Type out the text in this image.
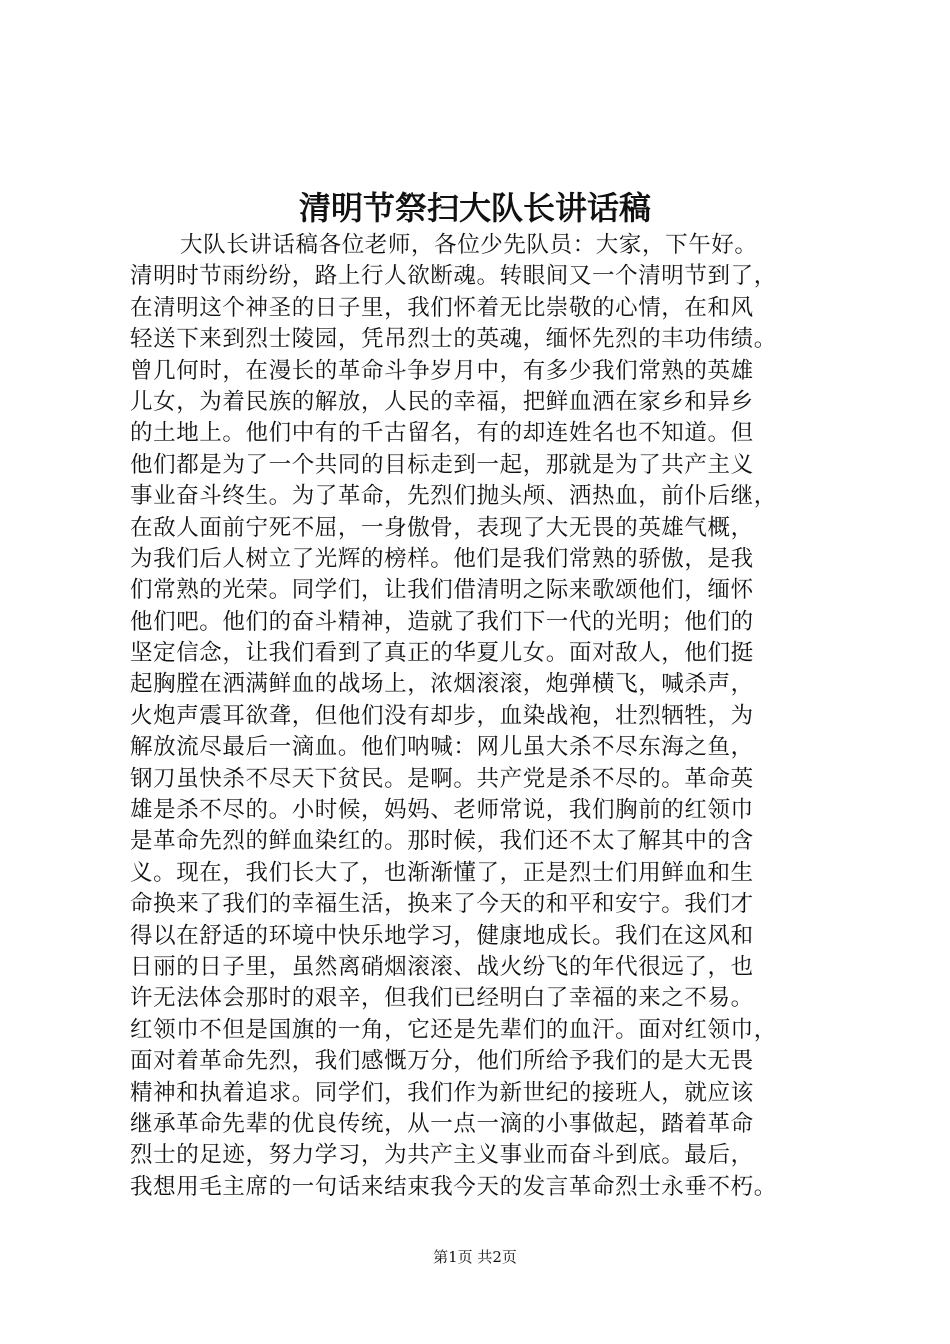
清明节祭扫大队长讲话稿
大队长讲话稿各位老师，各位少先队员：大家，下午好。
清明时节雨纷纷，路上行人欲断魂。转眼间又一个清明节到了，
在清明这个神圣的日子里，我们怀着无比崇敬的心情，在和风
轻送下来到烈士陵园，凭吊烈士的英魂，缅怀先烈的丰功伟绩。
曾几何时，在漫长的革命斗争岁月中，有多少我们常熟的英雄
儿女，为着民族的解放，人民的幸福，把鲜血洒在家乡和异乡
的土地上。他们中有的千古留名，有的却连姓名也不知道。但
他们都是为了一个共同的目标走到一起，那就是为了共产主义
事业奋斗终生。为了革命，先烈们抛头颅、洒热血，前仆后继，
在敌人面前宁死不屈，一身傲骨，表现了大无畏的英雄气概，
为我们后人树立了光辉的榜样。他们是我们常熟的骄傲，是我
们常熟的光荣。同学们，让我们借清明之际来歌颂他们，缅怀
他们吧。他们的奋斗精神，造就了我们下一代的光明；他们的
坚定信念，让我们看到了真正的华夏儿女。面对敌人，他们挺
起胸膛在洒满鲜血的战场上，浓烟滚滚，炮弹横飞，喊杀声，
火炮声震耳欲聋，但他们没有却步，血染战袍，壮烈牺牲，为
解放流尽最后一滴血。他们呐喊：网儿虽大杀不尽东海之鱼，
钢刀虽快杀不尽天下贫民。是啊。共产党是杀不尽的。革命英
雄是杀不尽的。小时候，妈妈、老师常说，我们胸前的红领巾
是革命先烈的鲜血染红的。那时候，我们还不太了解其中的含
义。现在，我们长大了，也渐渐懂了，正是烈士们用鲜血和生
命换来了我们的幸福生活，换来了今天的和平和安宁。我们才
得以在舒适的环境中快乐地学习，健康地成长。我们在这风和
日丽的日子里，虽然离硝烟滚滚、战火纷飞的年代很远了，也
许无法体会那时的艰辛，但我们已经明白了幸福的来之不易。
红领巾不但是国旗的一角，它还是先辈们的血汗。面对红领巾，
面对着革命先烈，我们感慨万分，他们所给予我们的是大无畏
精神和执着追求。同学们，我们作为新世纪的接班人，就应该
继承革命先辈的优良传统，从一点一滴的小事做起，踏着革命
烈士的足迹，努力学习，为共产主义事业而奋斗到底。最后，
我想用毛主席的一句话来结束我今天的发言革命烈士永垂不朽。
第1页 共2页
